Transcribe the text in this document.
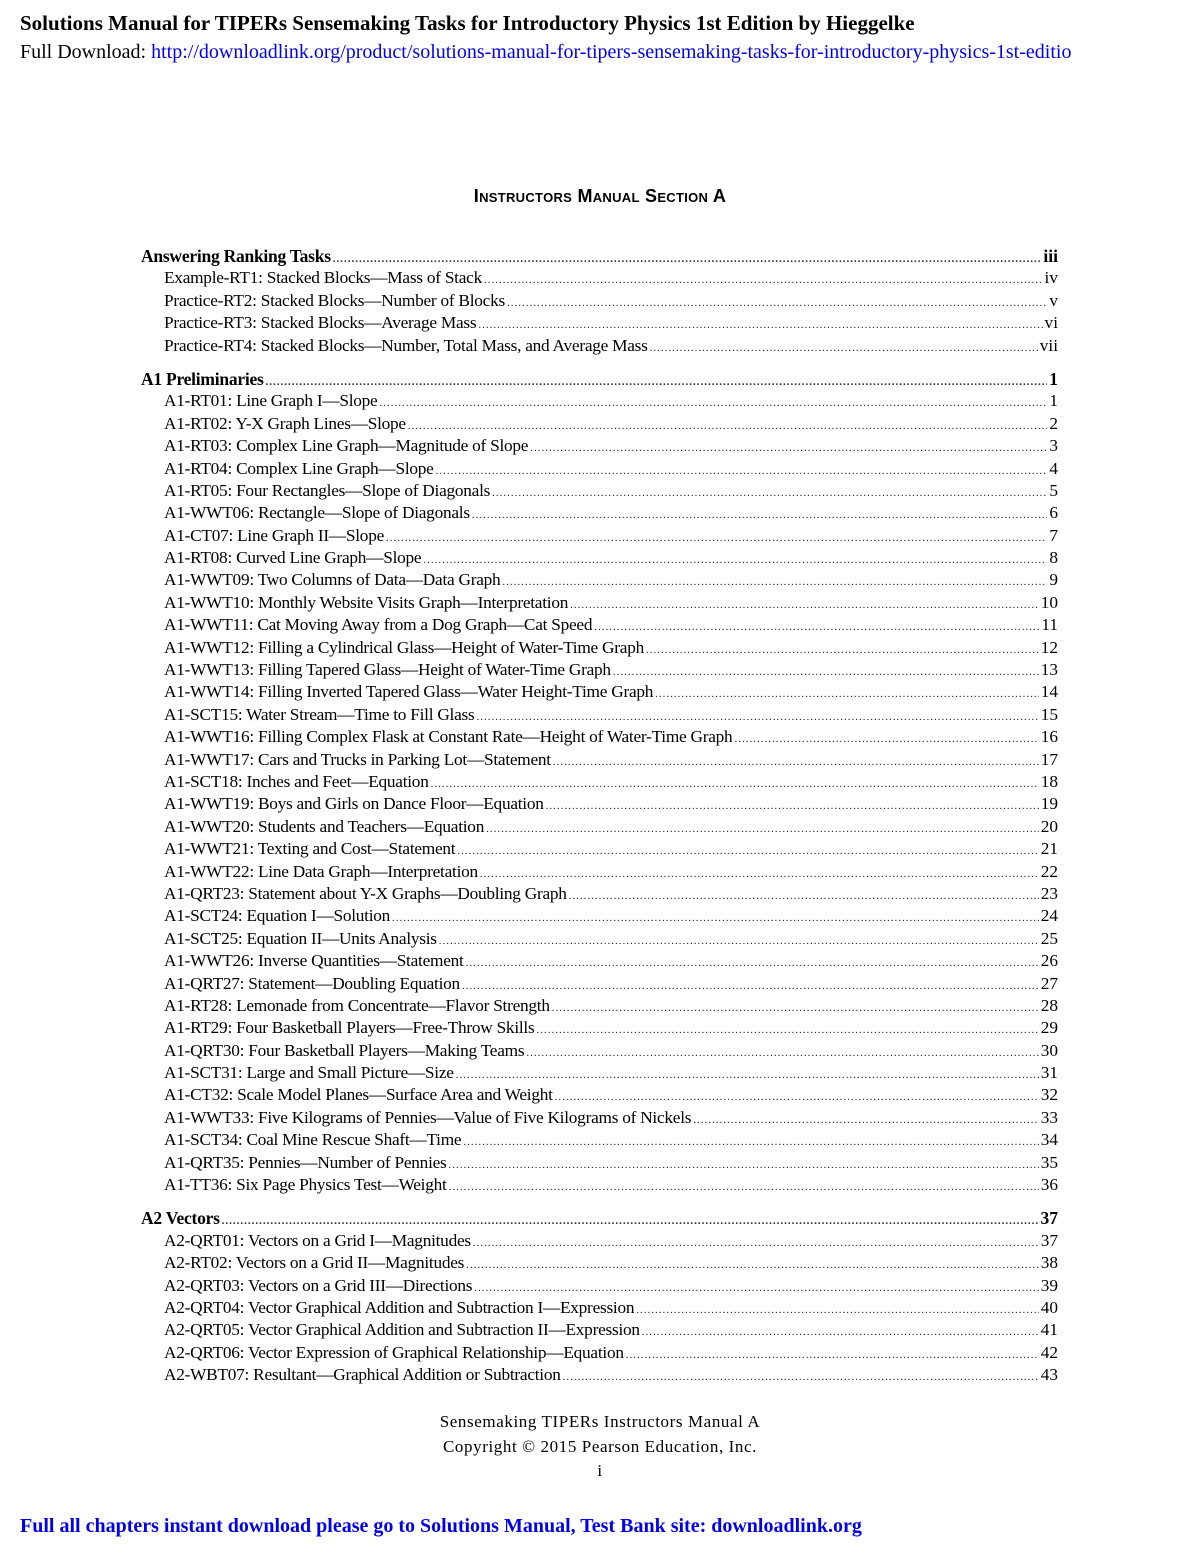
Solutions Manual for TIPERs Sensemaking Tasks for Introductory Physics 1st Edition by Hieggelke
Full Download: http://downloadlink.org/product/solutions-manual-for-tipers-sensemaking-tasks-for-introductory-physics-1st-editio
Instructors Manual Section A
Answering Ranking Tasks .....	iii
Example-RT1: Stacked Blocks—Mass of Stack .....	iv
Practice-RT2: Stacked Blocks—Number of Blocks .....	v
Practice-RT3: Stacked Blocks—Average Mass .....	vi
Practice-RT4: Stacked Blocks—Number, Total Mass, and Average Mass .....	vii
A1 Preliminaries .....	1
A1-RT01: Line Graph I—Slope .....	1
A1-RT02: Y-X Graph Lines—Slope .....	2
A1-RT03: Complex Line Graph—Magnitude of Slope .....	3
A1-RT04: Complex Line Graph—Slope .....	4
A1-RT05: Four Rectangles—Slope of Diagonals .....	5
A1-WWT06: Rectangle—Slope of Diagonals .....	6
A1-CT07: Line Graph II—Slope .....	7
A1-RT08: Curved Line Graph—Slope .....	8
A1-WWT09: Two Columns of Data—Data Graph .....	9
A1-WWT10: Monthly Website Visits Graph—Interpretation .....	10
A1-WWT11: Cat Moving Away from a Dog Graph—Cat Speed .....	11
A1-WWT12: Filling a Cylindrical Glass—Height of Water-Time Graph .....	12
A1-WWT13: Filling Tapered Glass—Height of Water-Time Graph .....	13
A1-WWT14: Filling Inverted Tapered Glass—Water Height-Time Graph .....	14
A1-SCT15: Water Stream—Time to Fill Glass .....	15
A1-WWT16: Filling Complex Flask at Constant Rate—Height of Water-Time Graph .....	16
A1-WWT17: Cars and Trucks in Parking Lot—Statement .....	17
A1-SCT18: Inches and Feet—Equation .....	18
A1-WWT19: Boys and Girls on Dance Floor—Equation .....	19
A1-WWT20: Students and Teachers—Equation .....	20
A1-WWT21: Texting and Cost—Statement .....	21
A1-WWT22: Line Data Graph—Interpretation .....	22
A1-QRT23: Statement about Y-X Graphs—Doubling Graph .....	23
A1-SCT24: Equation I—Solution .....	24
A1-SCT25: Equation II—Units Analysis .....	25
A1-WWT26: Inverse Quantities—Statement .....	26
A1-QRT27: Statement—Doubling Equation .....	27
A1-RT28: Lemonade from Concentrate—Flavor Strength .....	28
A1-RT29: Four Basketball Players—Free-Throw Skills .....	29
A1-QRT30: Four Basketball Players—Making Teams .....	30
A1-SCT31: Large and Small Picture—Size .....	31
A1-CT32: Scale Model Planes—Surface Area and Weight .....	32
A1-WWT33: Five Kilograms of Pennies—Value of Five Kilograms of Nickels .....	33
A1-SCT34: Coal Mine Rescue Shaft—Time .....	34
A1-QRT35: Pennies—Number of Pennies .....	35
A1-TT36: Six Page Physics Test—Weight .....	36
A2 Vectors .....	37
A2-QRT01: Vectors on a Grid I—Magnitudes .....	37
A2-RT02: Vectors on a Grid II—Magnitudes .....	38
A2-QRT03: Vectors on a Grid III—Directions .....	39
A2-QRT04: Vector Graphical Addition and Subtraction I—Expression .....	40
A2-QRT05: Vector Graphical Addition and Subtraction II—Expression .....	41
A2-QRT06: Vector Expression of Graphical Relationship—Equation .....	42
A2-WBT07: Resultant—Graphical Addition or Subtraction .....	43
Sensemaking TIPERs Instructors Manual A
Copyright © 2015 Pearson Education, Inc.
i
Full all chapters instant download please go to Solutions Manual, Test Bank site: downloadlink.org
